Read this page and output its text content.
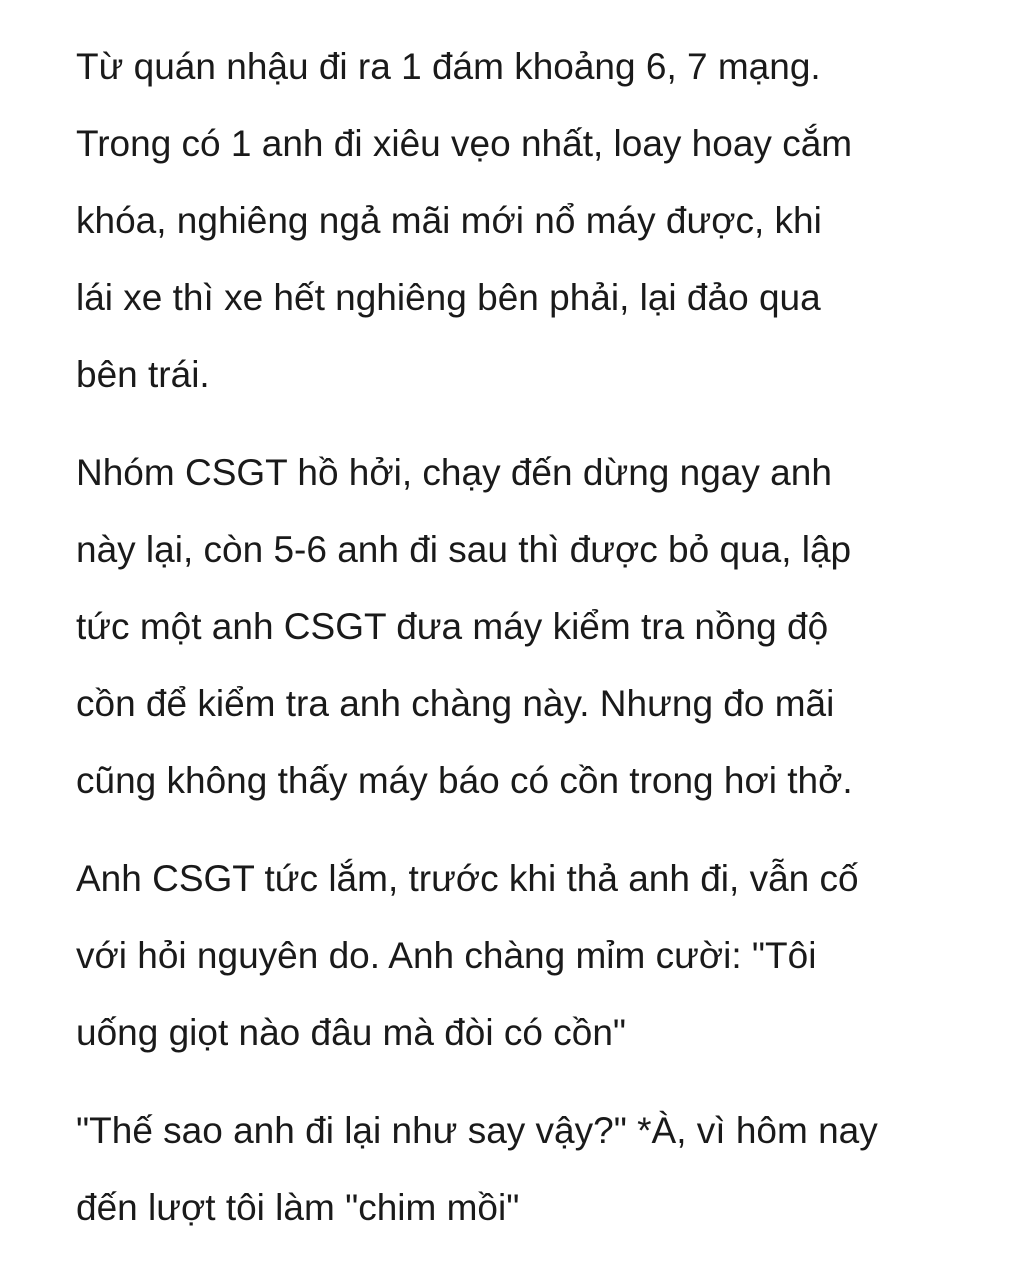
Từ quán nhậu đi ra 1 đám khoảng 6, 7 mạng.
Trong có 1 anh đi xiêu vẹo nhất, loay hoay cắm
khóa, nghiêng ngả mãi mới nổ máy được, khi
lái xe thì xe hết nghiêng bên phải, lại đảo qua
bên trái.
Nhóm CSGT hồ hởi, chạy đến dừng ngay anh
này lại, còn 5-6 anh đi sau thì được bỏ qua, lập
tức một anh CSGT đưa máy kiểm tra nồng độ
cồn để kiểm tra anh chàng này. Nhưng đo mãi
cũng không thấy máy báo có cồn trong hơi thở.
Anh CSGT tức lắm, trước khi thả anh đi, vẫn cố
với hỏi nguyên do. Anh chàng mỉm cười: "Tôi
uống giọt nào đâu mà đòi có cồn"
"Thế sao anh đi lại như say vậy?" *À, vì hôm nay
đến lượt tôi làm "chim mồi"
